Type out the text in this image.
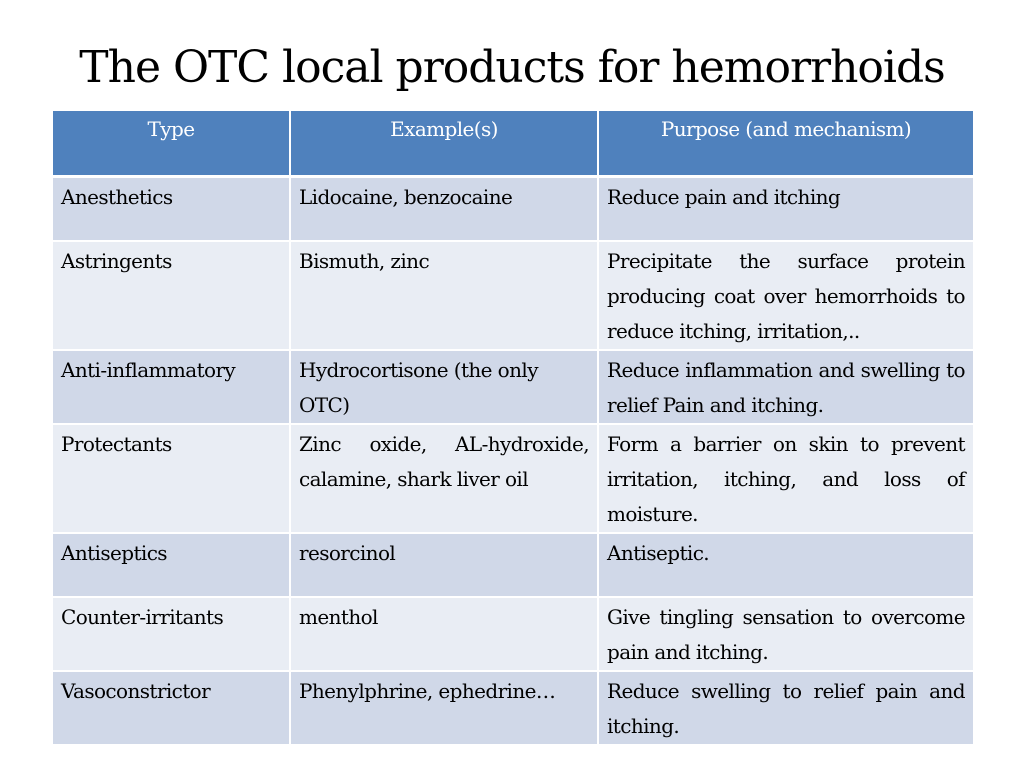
The OTC local products for hemorrhoids
Type	Example(s)	Purpose (and mechanism)
Anesthetics	Lidocaine, benzocaine	Reduce pain and itching
Astringents	Bismuth, zinc	Precipitate the surface protein producing coat over hemorrhoids to reduce itching, irritation,..
Anti-inflammatory	Hydrocortisone (the only OTC)	Reduce inflammation and swelling to relief Pain and itching.
Protectants	Zinc oxide, AL-hydroxide, calamine, shark liver oil	Form a barrier on skin to prevent irritation, itching, and loss of moisture.
Antiseptics	resorcinol	Antiseptic.
Counter-irritants	menthol	Give tingling sensation to overcome pain and itching.
Vasoconstrictor	Phenylphrine, ephedrine…	Reduce swelling to relief pain and itching.
